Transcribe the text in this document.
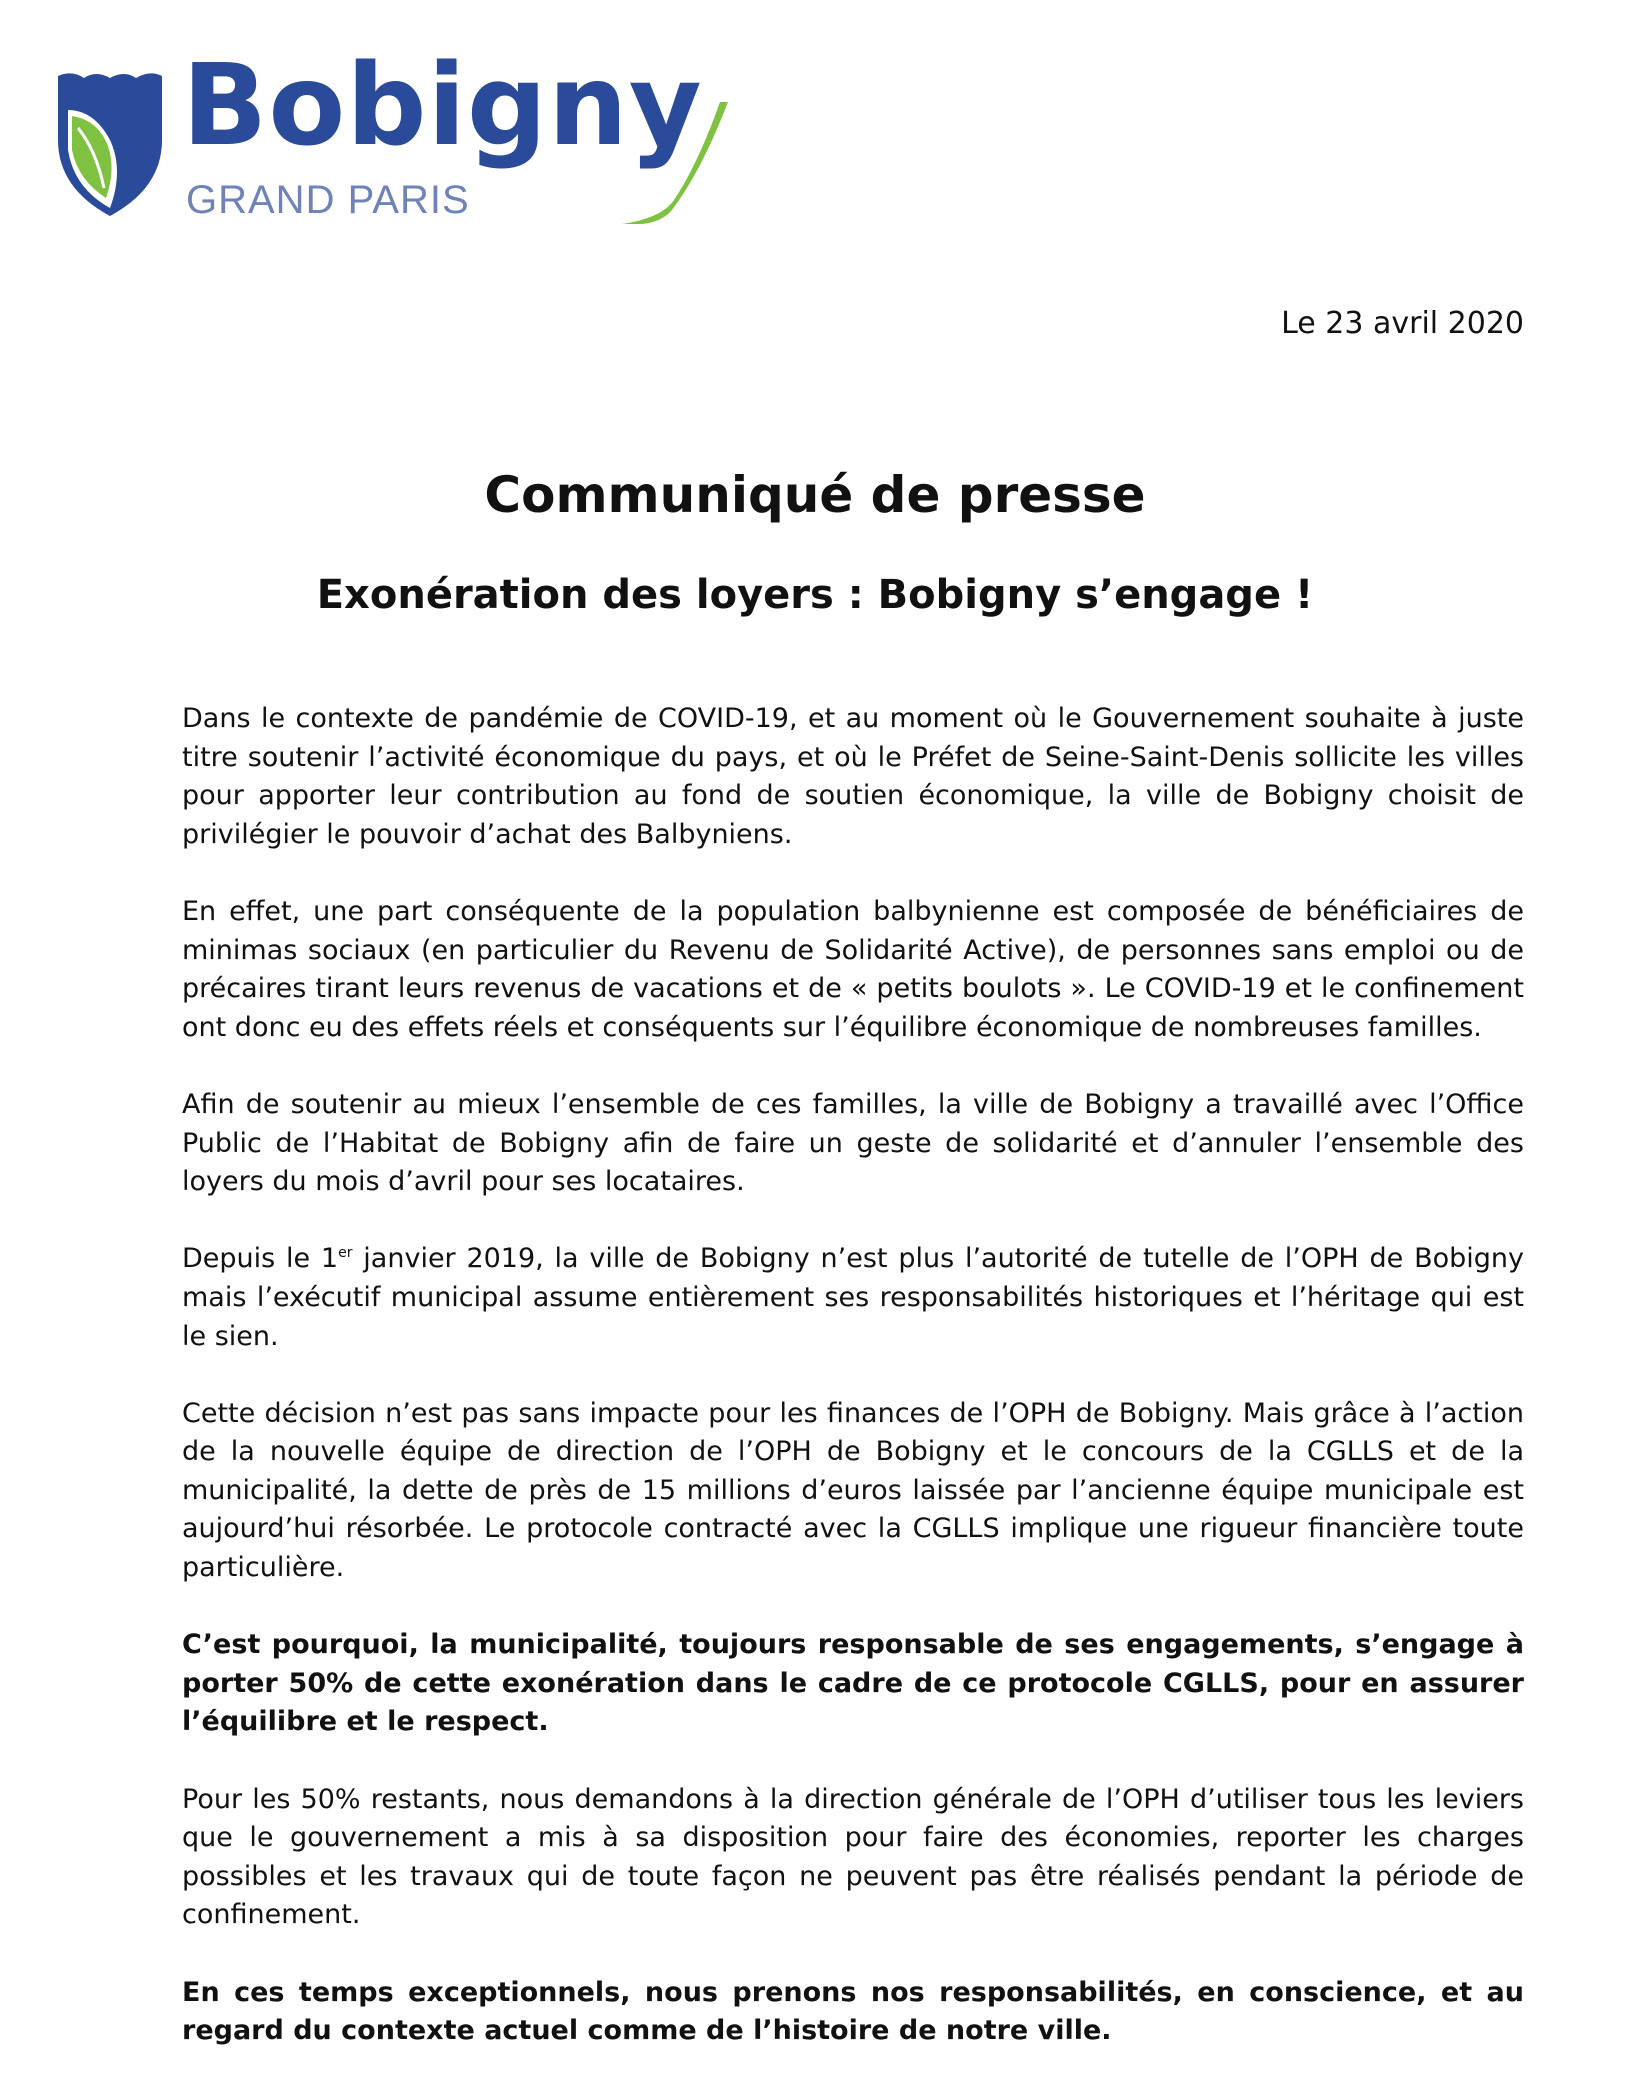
Bobigny
GRAND PARIS
Le 23 avril 2020
Communiqué de presse
Exonération des loyers : Bobigny s’engage !

Dans le contexte de pandémie de COVID-19, et au moment où le Gouvernement souhaite à juste titre soutenir l’activité économique du pays, et où le Préfet de Seine-Saint-Denis sollicite les villes pour apporter leur contribution au fond de soutien économique, la ville de Bobigny choisit de privilégier le pouvoir d’achat des Balbyniens.

En effet, une part conséquente de la population balbynienne est composée de bénéficiaires de minimas sociaux (en particulier du Revenu de Solidarité Active), de personnes sans emploi ou de précaires tirant leurs revenus de vacations et de « petits boulots ». Le COVID-19 et le confinement ont donc eu des effets réels et conséquents sur l’équilibre économique de nombreuses familles.

Afin de soutenir au mieux l’ensemble de ces familles, la ville de Bobigny a travaillé avec l’Office Public de l’Habitat de Bobigny afin de faire un geste de solidarité et d’annuler l’ensemble des loyers du mois d’avril pour ses locataires.

Depuis le 1er janvier 2019, la ville de Bobigny n’est plus l’autorité de tutelle de l’OPH de Bobigny mais l’exécutif municipal assume entièrement ses responsabilités historiques et l’héritage qui est le sien.

Cette décision n’est pas sans impacte pour les finances de l’OPH de Bobigny. Mais grâce à l’action de la nouvelle équipe de direction de l’OPH de Bobigny et le concours de la CGLLS et de la municipalité, la dette de près de 15 millions d’euros laissée par l’ancienne équipe municipale est aujourd’hui résorbée. Le protocole contracté avec la CGLLS implique une rigueur financière toute particulière.

C’est pourquoi, la municipalité, toujours responsable de ses engagements, s’engage à porter 50% de cette exonération dans le cadre de ce protocole CGLLS, pour en assurer l’équilibre et le respect.

Pour les 50% restants, nous demandons à la direction générale de l’OPH d’utiliser tous les leviers que le gouvernement a mis à sa disposition pour faire des économies, reporter les charges possibles et les travaux qui de toute façon ne peuvent pas être réalisés pendant la période de confinement.

En ces temps exceptionnels, nous prenons nos responsabilités, en conscience, et au regard du contexte actuel comme de l’histoire de notre ville.
